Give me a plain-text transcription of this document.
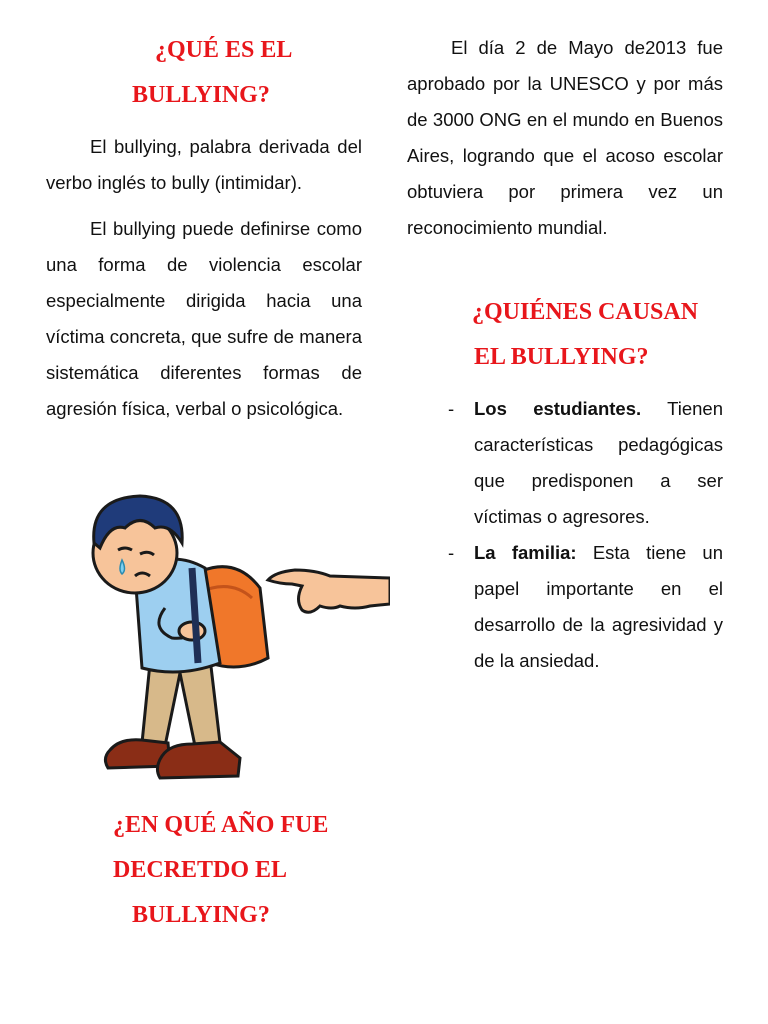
¿QUÉ ES EL
BULLYING?

El bullying, palabra derivada del verbo inglés to bully (intimidar).

El bullying puede definirse como una forma de violencia escolar especialmente dirigida hacia una víctima concreta, que sufre de manera sistemática diferentes formas de agresión física, verbal o psicológica.

¿EN QUÉ AÑO FUE
DECRETDO EL
BULLYING?

El día 2 de Mayo de2013 fue aprobado por la UNESCO y por más de 3000 ONG en el mundo en Buenos Aires, logrando que el acoso escolar obtuviera por primera vez un reconocimiento mundial.

¿QUIÉNES CAUSAN
EL BULLYING?
- Los estudiantes. Tienen características pedagógicas que predisponen a ser víctimas o agresores.
- La familia: Esta tiene un papel importante en el desarrollo de la agresividad y de la ansiedad.
